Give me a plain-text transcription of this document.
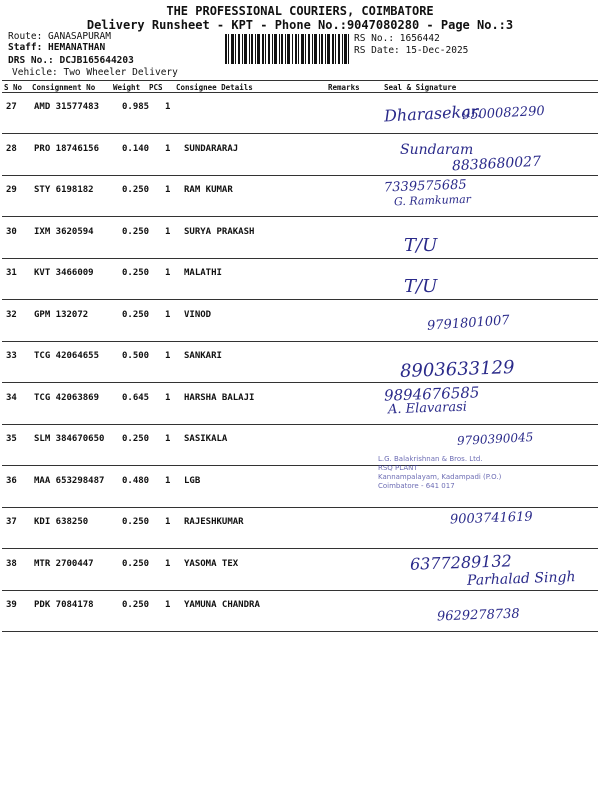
THE PROFESSIONAL COURIERS, COIMBATORE
Delivery Runsheet - KPT - Phone No.:9047080280 - Page No.:3
Route: GANASAPURAM
Staff: HEMANATHAN
DRS No.: DCJB165644203
Vehicle: Two Wheeler Delivery
RS No.: 1656442
RS Date: 15-Dec-2025
S No Consignment No Weight PCS Consignee Details	Remarks	Seal & Signature
27 AMD 31577483	0.985 1	Dharasekar.
9500082290
28 PRO 18746156	0.140 1 SUNDARARAJ	Sundaram
8838680027
29 STY 6198182	0.250 1 RAM KUMAR	7339575685
G. Ramkumar
30 IXM 3620594	0.250 1 SURYA PRAKASH
T/U
31 KVT 3466009	0.250 1 MALATHI
T/U
32 GPM 132072	0.250 1 VINOD	9791801007
33 TCG 42064655	0.500 1 SANKARI
8903633129
34 TCG 42063869	0.645 1 HARSHA BALAJI	9894676585
A. Elavarasi
35 SLM 384670650 0.250 1 SASIKALA	9790390045
36 MAA 653298487 0.480 1 LGB
37 KDI 638250	0.250 1 RAJESHKUMAR	9003741619
38 MTR 2700447	0.250 1 YASOMA TEX	6377289132
Parhalad Singh
39 PDK 7084178	0.250 1 YAMUNA CHANDRA
9629278738
L.G. Balakrishnan & Bros. Ltd.
RSQ PLANT
Kannampalayam, Kadampadi (P.O.)
Coimbatore - 641 017
